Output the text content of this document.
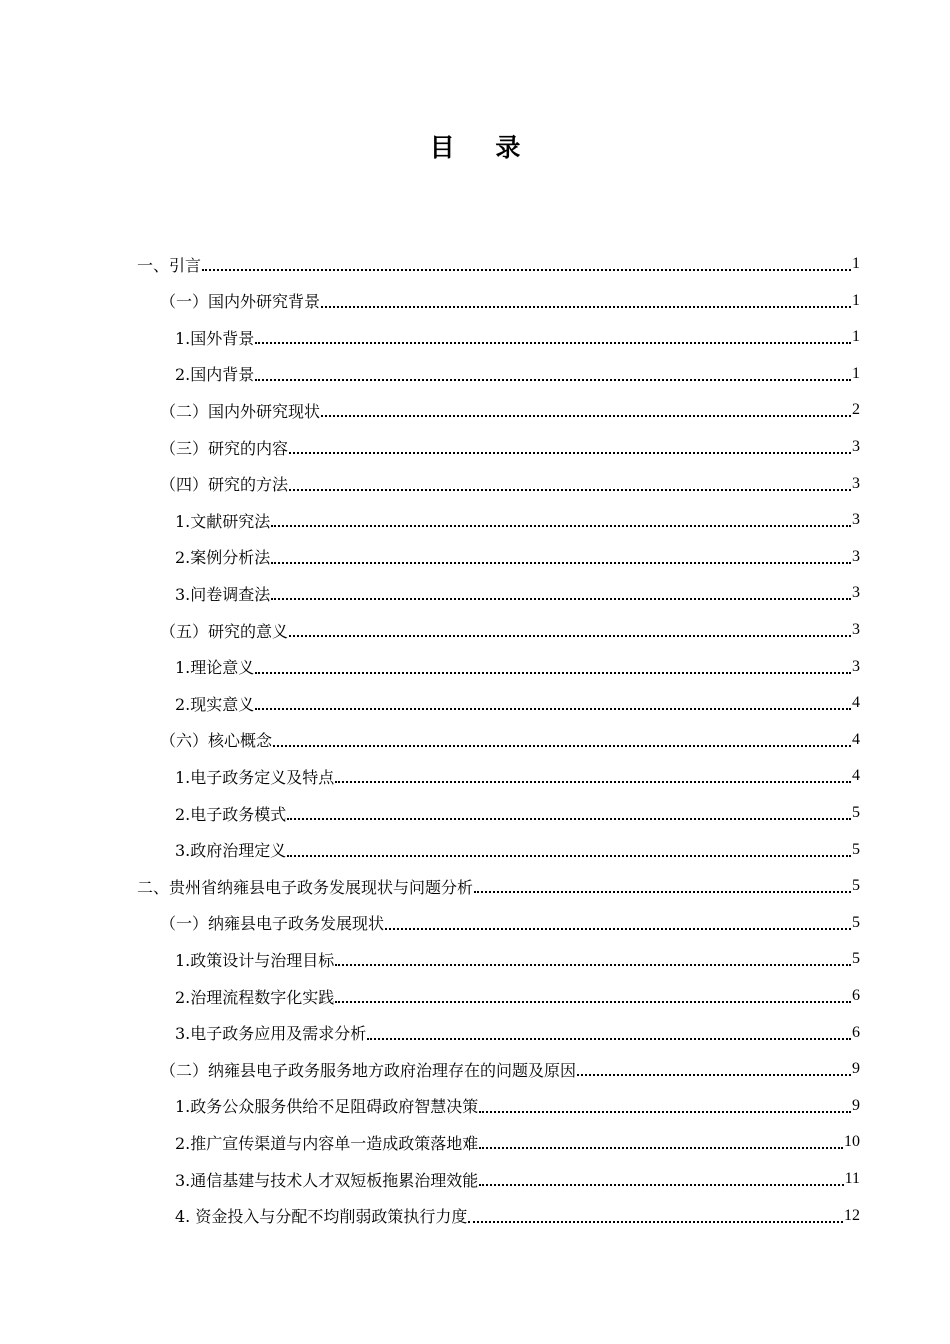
目 录
一、引言	1
（一）国内外研究背景	1
1.国外背景	1
2.国内背景	1
（二）国内外研究现状	2
（三）研究的内容	3
（四）研究的方法	3
1.文献研究法	3
2.案例分析法	3
3.问卷调查法	3
（五）研究的意义	3
1.理论意义	3
2.现实意义	4
（六）核心概念	4
1.电子政务定义及特点	4
2.电子政务模式	5
3.政府治理定义	5
二、贵州省纳雍县电子政务发展现状与问题分析	5
（一）纳雍县电子政务发展现状	5
1.政策设计与治理目标	5
2.治理流程数字化实践	6
3.电子政务应用及需求分析	6
（二）纳雍县电子政务服务地方政府治理存在的问题及原因	9
1.政务公众服务供给不足阻碍政府智慧决策	9
2.推广宣传渠道与内容单一造成政策落地难	10
3.通信基建与技术人才双短板拖累治理效能	11
4. 资金投入与分配不均削弱政策执行力度	12
